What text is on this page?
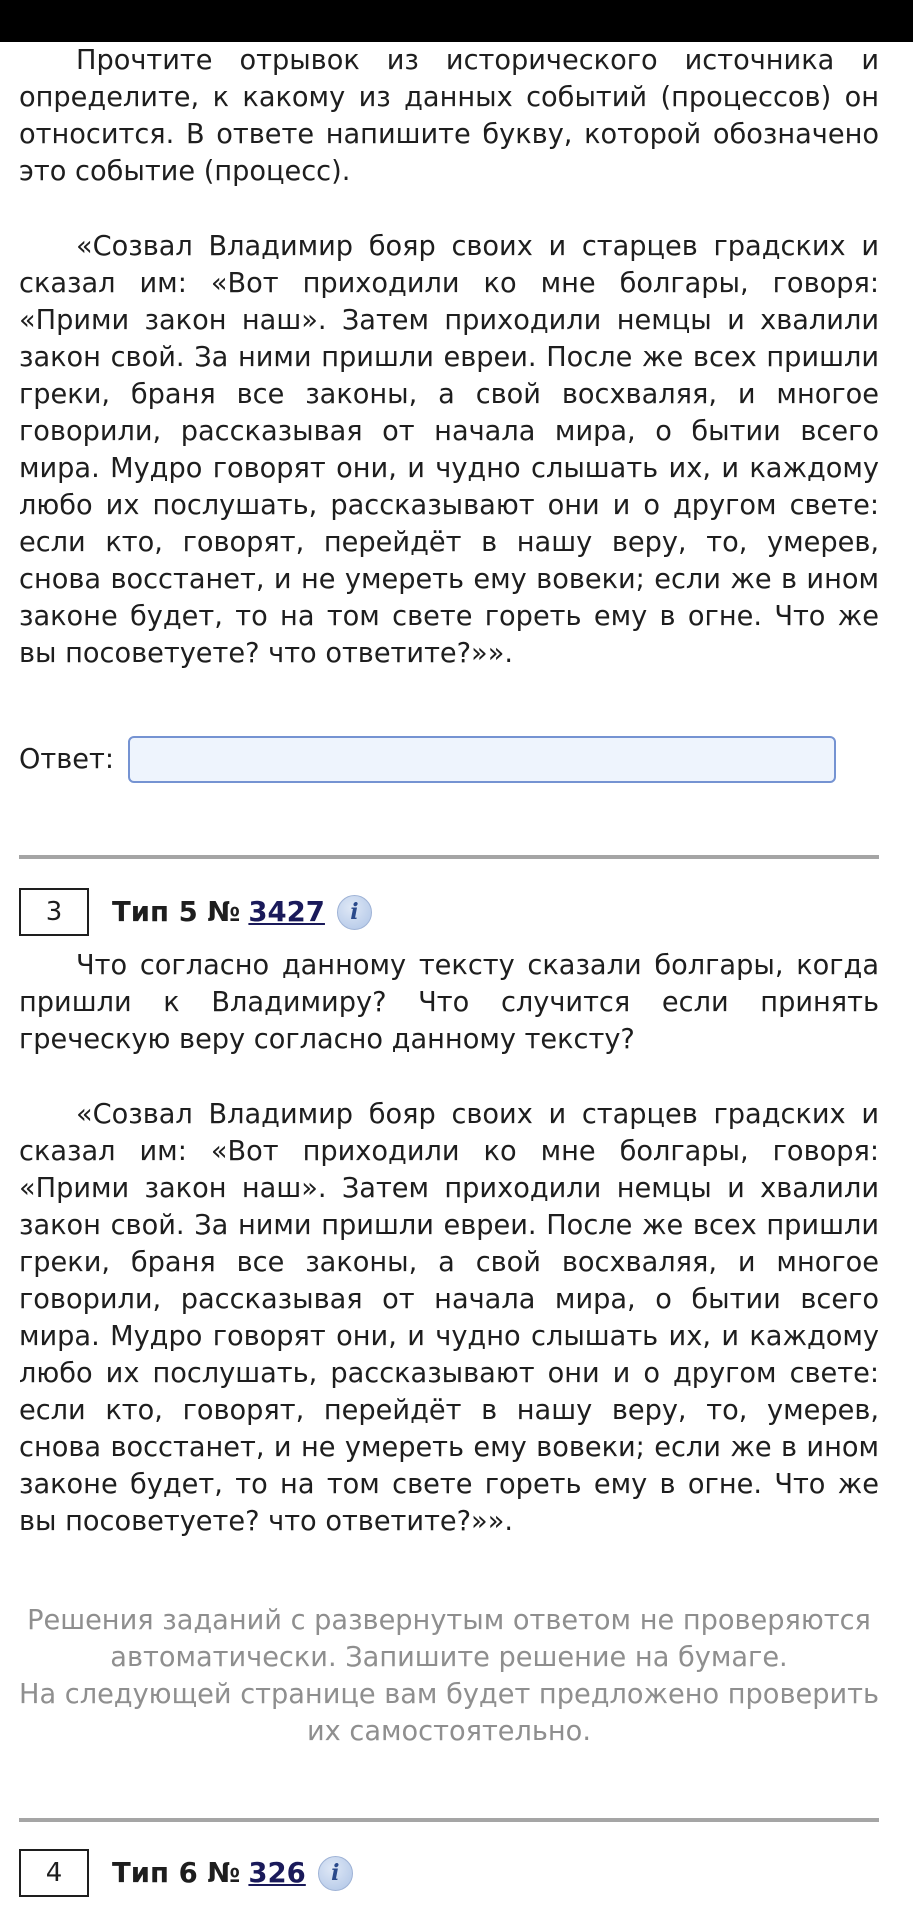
Прочтите отрывок из исторического источника и определите, к какому из данных событий (процессов) он относится. В ответе напишите букву, которой обозначено это событие (процесс).

«Созвал Владимир бояр своих и старцев градских и сказал им: «Вот приходили ко мне болгары, говоря: «Прими закон наш». Затем приходили немцы и хвалили закон свой. За ними пришли евреи. После же всех пришли греки, браня все законы, а свой восхваляя, и многое говорили, рассказывая от начала мира, о бытии всего мира. Мудро говорят они, и чудно слышать их, и каждому любо их послушать, рассказывают они и о другом свете: если кто, говорят, перейдёт в нашу веру, то, умерев, снова восстанет, и не умереть ему вовеки; если же в ином законе будет, то на том свете гореть ему в огне. Что же вы посоветуете? что ответите?»».

Ответ:
3	Тип 5 № 3427	i

Что согласно данному тексту сказали болгары, когда пришли к Владимиру? Что случится если принять греческую веру согласно данному тексту?

«Созвал Владимир бояр своих и старцев градских и сказал им: «Вот приходили ко мне болгары, говоря: «Прими закон наш». Затем приходили немцы и хвалили закон свой. За ними пришли евреи. После же всех пришли греки, браня все законы, а свой восхваляя, и многое говорили, рассказывая от начала мира, о бытии всего мира. Мудро говорят они, и чудно слышать их, и каждому любо их послушать, рассказывают они и о другом свете: если кто, говорят, перейдёт в нашу веру, то, умерев, снова восстанет, и не умереть ему вовеки; если же в ином законе будет, то на том свете гореть ему в огне. Что же вы посоветуете? что ответите?»».

Решения заданий с развернутым ответом не проверяются автоматически. Запишите решение на бумаге.

На следующей странице вам будет предложено проверить их самостоятельно.

4	Тип 6 № 326	i
